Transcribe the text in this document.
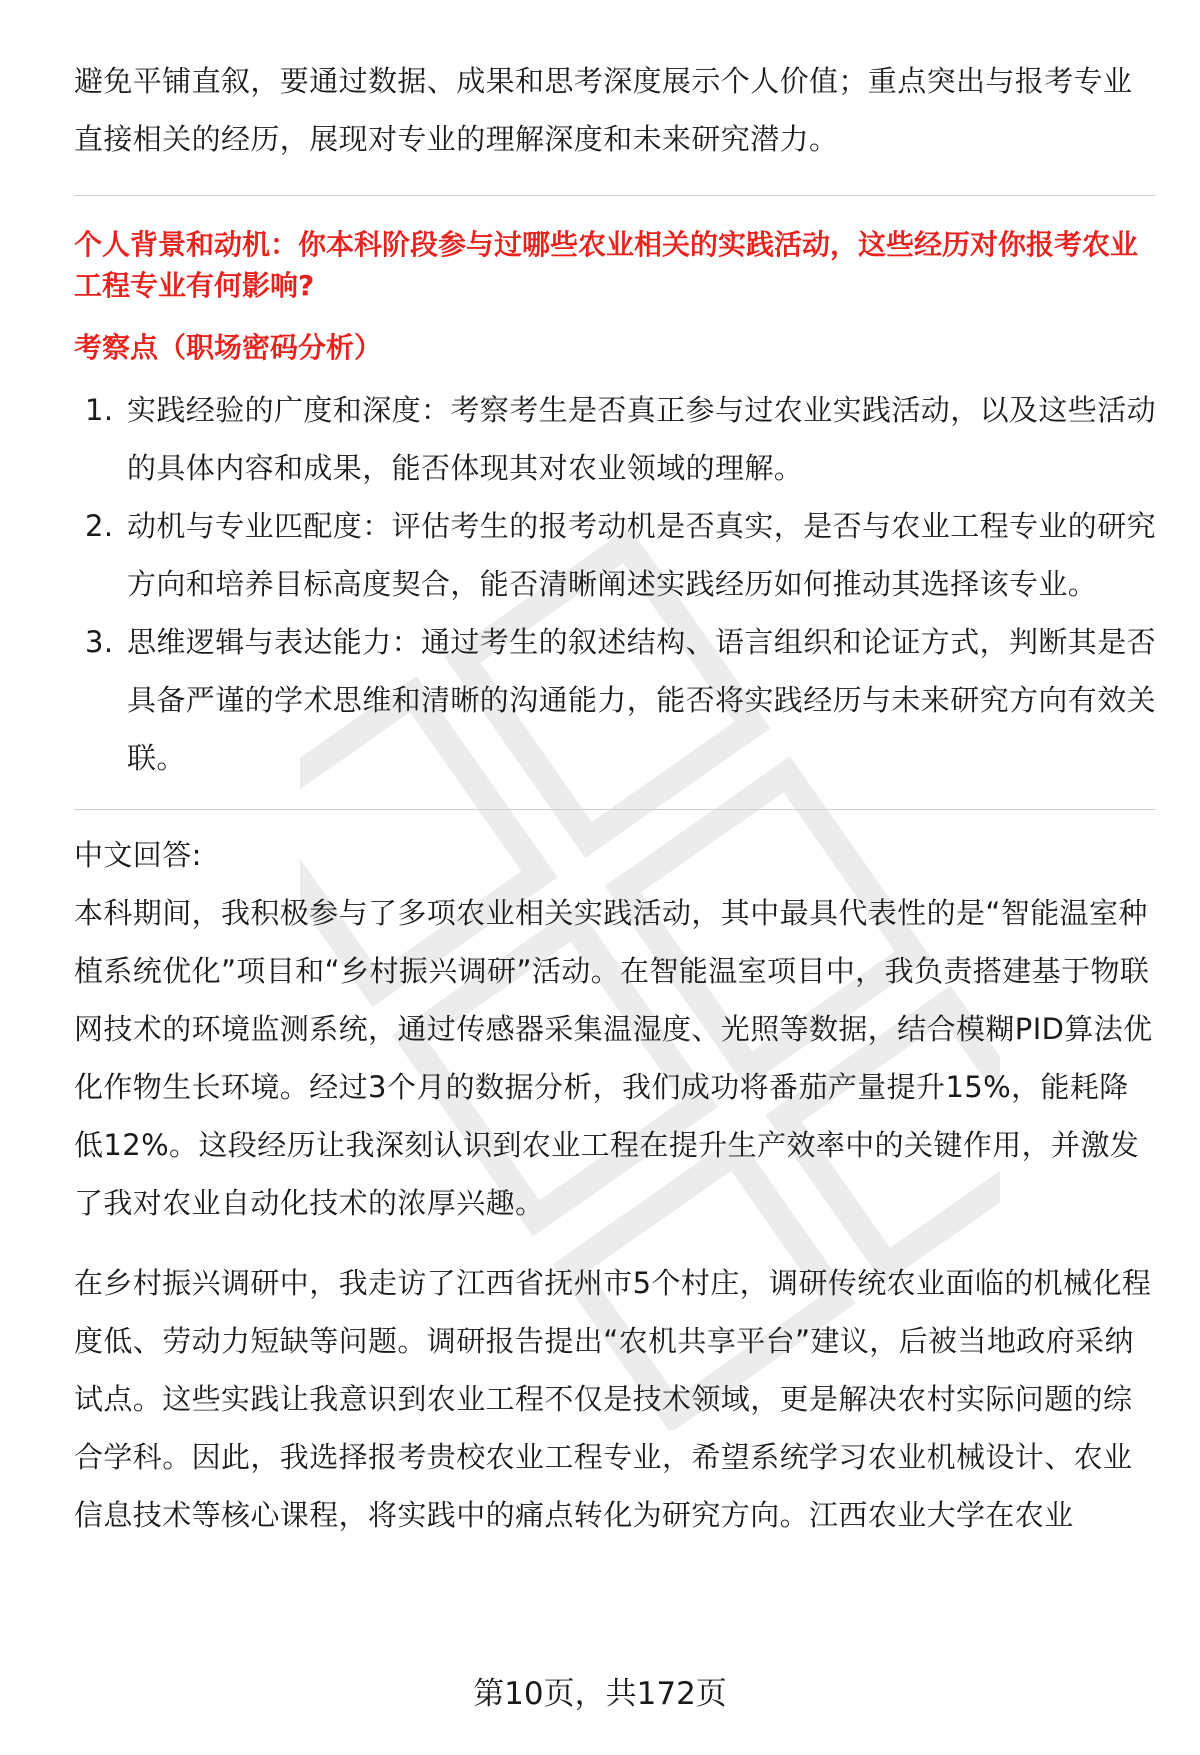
避免平铺直叙，要通过数据、成果和思考深度展示个人价值；重点突出与报考专业直接相关的经历，展现对专业的理解深度和未来研究潜力。

个人背景和动机：你本科阶段参与过哪些农业相关的实践活动，这些经历对你报考农业工程专业有何影响?

考察点（职场密码分析）

1. 实践经验的广度和深度：考察考生是否真正参与过农业实践活动，以及这些活动的具体内容和成果，能否体现其对农业领域的理解。
2. 动机与专业匹配度：评估考生的报考动机是否真实，是否与农业工程专业的研究方向和培养目标高度契合，能否清晰阐述实践经历如何推动其选择该专业。
3. 思维逻辑与表达能力：通过考生的叙述结构、语言组织和论证方式，判断其是否具备严谨的学术思维和清晰的沟通能力，能否将实践经历与未来研究方向有效关联。

中文回答:

本科期间，我积极参与了多项农业相关实践活动，其中最具代表性的是“智能温室种植系统优化”项目和“乡村振兴调研”活动。在智能温室项目中，我负责搭建基于物联网技术的环境监测系统，通过传感器采集温湿度、光照等数据，结合模糊PID算法优化作物生长环境。经过3个月的数据分析，我们成功将番茄产量提升15%，能耗降低12%。这段经历让我深刻认识到农业工程在提升生产效率中的关键作用，并激发了我对农业自动化技术的浓厚兴趣。

在乡村振兴调研中，我走访了江西省抚州市5个村庄，调研传统农业面临的机械化程度低、劳动力短缺等问题。调研报告提出“农机共享平台”建议，后被当地政府采纳试点。这些实践让我意识到农业工程不仅是技术领域，更是解决农村实际问题的综合学科。因此，我选择报考贵校农业工程专业，希望系统学习农业机械设计、农业信息技术等核心课程，将实践中的痛点转化为研究方向。江西农业大学在农业

第10页，共172页
